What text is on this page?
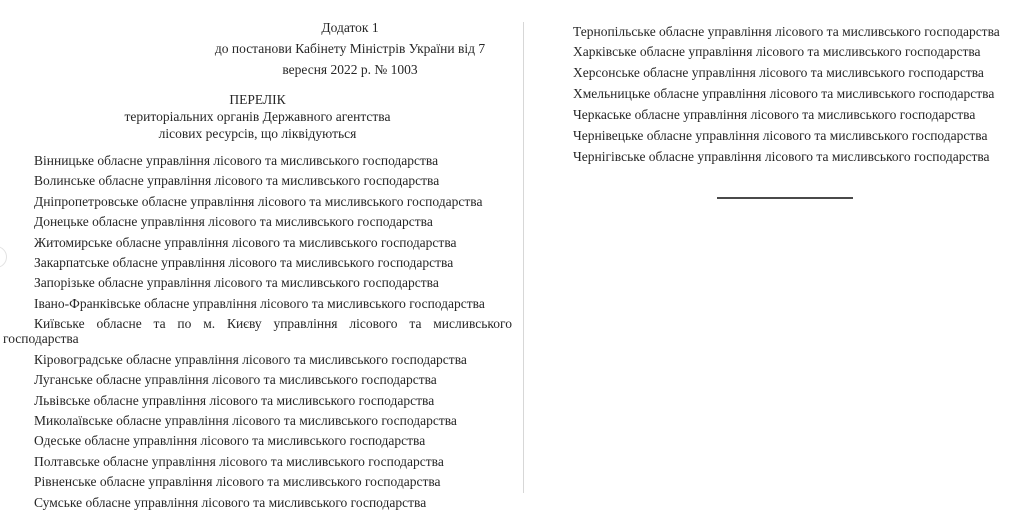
Додаток 1

до постанови Кабінету Міністрів України від 7

вересня 2022 р. № 1003

ПЕРЕЛІК

територіальних органів Державного агентства

лісових ресурсів, що ліквідуються

Вінницьке обласне управління лісового та мисливського господарства

Волинське обласне управління лісового та мисливського господарства

Дніпропетровське обласне управління лісового та мисливського господарства

Донецьке обласне управління лісового та мисливського господарства

Житомирське обласне управління лісового та мисливського господарства

Закарпатське обласне управління лісового та мисливського господарства

Запорізьке обласне управління лісового та мисливського господарства

Івано-Франківське обласне управління лісового та мисливського господарства

Київське обласне та по м. Києву управління лісового та мисливського
господарства

Кіровоградське обласне управління лісового та мисливського господарства

Луганське обласне управління лісового та мисливського господарства

Львівське обласне управління лісового та мисливського господарства

Миколаївське обласне управління лісового та мисливського господарства

Одеське обласне управління лісового та мисливського господарства

Полтавське обласне управління лісового та мисливського господарства

Рівненське обласне управління лісового та мисливського господарства

Сумське обласне управління лісового та мисливського господарства

Тернопільське обласне управління лісового та мисливського господарства

Харківське обласне управління лісового та мисливського господарства

Херсонське обласне управління лісового та мисливського господарства

Хмельницьке обласне управління лісового та мисливського господарства

Черкаське обласне управління лісового та мисливського господарства

Чернівецьке обласне управління лісового та мисливського господарства

Чернігівське обласне управління лісового та мисливського господарства
